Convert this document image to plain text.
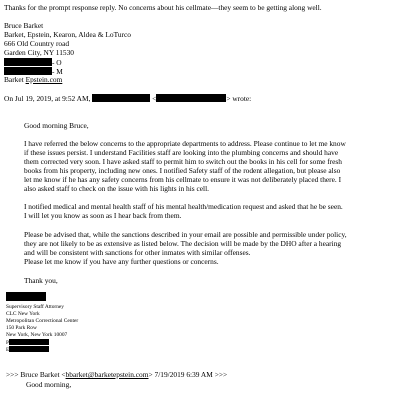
Thanks for the prompt response reply. No concerns about his cellmate—they seem to be getting along well.
Bruce Barket
Barket, Epstein, Kearon, Aldea & LoTurco
666 Old Country road
Garden City, NY 11530
- O
- M
Barket Epstein.com
On Jul 19, 2019, at 9:52 AM,	<	> wrote:
Good morning Bruce,
I have referred the below concerns to the appropriate departments to address. Please continue to let me know
if these issues persist. I understand Facilities staff are looking into the plumbing concerns and should have
them corrected very soon. I have asked staff to permit him to switch out the books in his cell for some fresh
books from his property, including new ones. I notified Safety staff of the rodent allegation, but please also
let me know if he has any safety concerns from his cellmate to ensure it was not deliberately placed there. I
also asked staff to check on the issue with his lights in his cell.
I notified medical and mental health staff of his mental health/medication request and asked that he be seen.
I will let you know as soon as I hear back from them.
Please be advised that, while the sanctions described in your email are possible and permissible under policy,
they are not likely to be as extensive as listed below. The decision will be made by the DHO after a hearing
and will be consistent with sanctions for other inmates with similar offenses.
Please let me know if you have any further questions or concerns.
Thank you,
Supervisory Staff Attorney
CLC New York
Metropolitan Correctional Center
150 Park Row
New York, New York 10007
P
E
>>> Bruce Barket <bbarket@barketepstein.com> 7/19/2019 6:39 AM >>>
Good morning,
